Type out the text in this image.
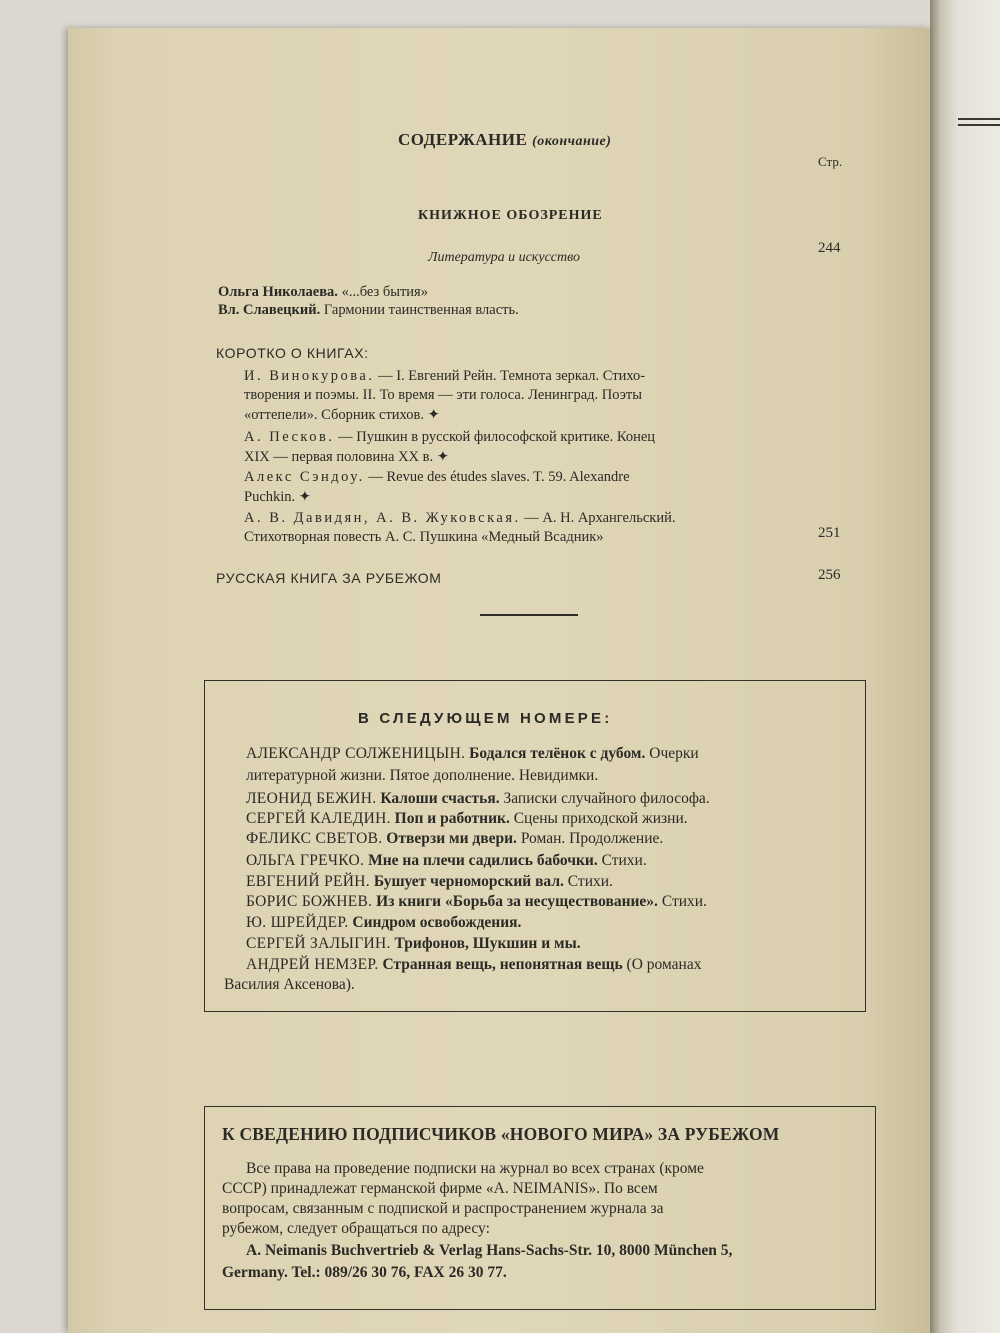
СОДЕРЖАНИЕ (окончание)
Стр.
КНИЖНОЕ ОБОЗРЕНИЕ
Литература и искусство
244
Ольга Николаева. «...без бытия»
Вл. Славецкий. Гармонии таинственная власть.
КОРОТКО О КНИГАХ:
И. Винокурова. — I. Евгений Рейн. Темнота зеркал. Стихо-
творения и поэмы. II. То время — эти голоса. Ленинград. Поэты
«оттепели». Сборник стихов. ✦
А. Песков. — Пушкин в русской философской критике. Конец
XIX — первая половина XX в. ✦
Алекс Сэндоу. — Revue des études slaves. T. 59. Alexandre
Puchkin. ✦
А. В. Давидян, А. В. Жуковская. — А. Н. Архангельский.
Стихотворная повесть А. С. Пушкина «Медный Всадник»	251
РУССКАЯ КНИГА ЗА РУБЕЖОМ	256
В СЛЕДУЮЩЕМ НОМЕРЕ:
АЛЕКСАНДР СОЛЖЕНИЦЫН. Бодался телёнок с дубом. Очерки
литературной жизни. Пятое дополнение. Невидимки.
ЛЕОНИД БЕЖИН. Калоши счастья. Записки случайного философа.
СЕРГЕЙ КАЛЕДИН. Поп и работник. Сцены приходской жизни.
ФЕЛИКС СВЕТОВ. Отверзи ми двери. Роман. Продолжение.
ОЛЬГА ГРЕЧКО. Мне на плечи садились бабочки. Стихи.
ЕВГЕНИЙ РЕЙН. Бушует черноморский вал. Стихи.
БОРИС БОЖНЕВ. Из книги «Борьба за несуществование». Стихи.
Ю. ШРЕЙДЕР. Синдром освобождения.
СЕРГЕЙ ЗАЛЫГИН. Трифонов, Шукшин и мы.
АНДРЕЙ НЕМЗЕР. Странная вещь, непонятная вещь (О романах
Василия Аксенова).
К СВЕДЕНИЮ ПОДПИСЧИКОВ «НОВОГО МИРА» ЗА РУБЕЖОМ
Все права на проведение подписки на журнал во всех странах (кроме
СССР) принадлежат германской фирме «A. NEIMANIS». По всем
вопросам, связанным с подпиской и распространением журнала за
рубежом, следует обращаться по адресу:
A. Neimanis Buchvertrieb & Verlag Hans-Sachs-Str. 10, 8000 München 5,
Germany. Tel.: 089/26 30 76, FAX 26 30 77.
